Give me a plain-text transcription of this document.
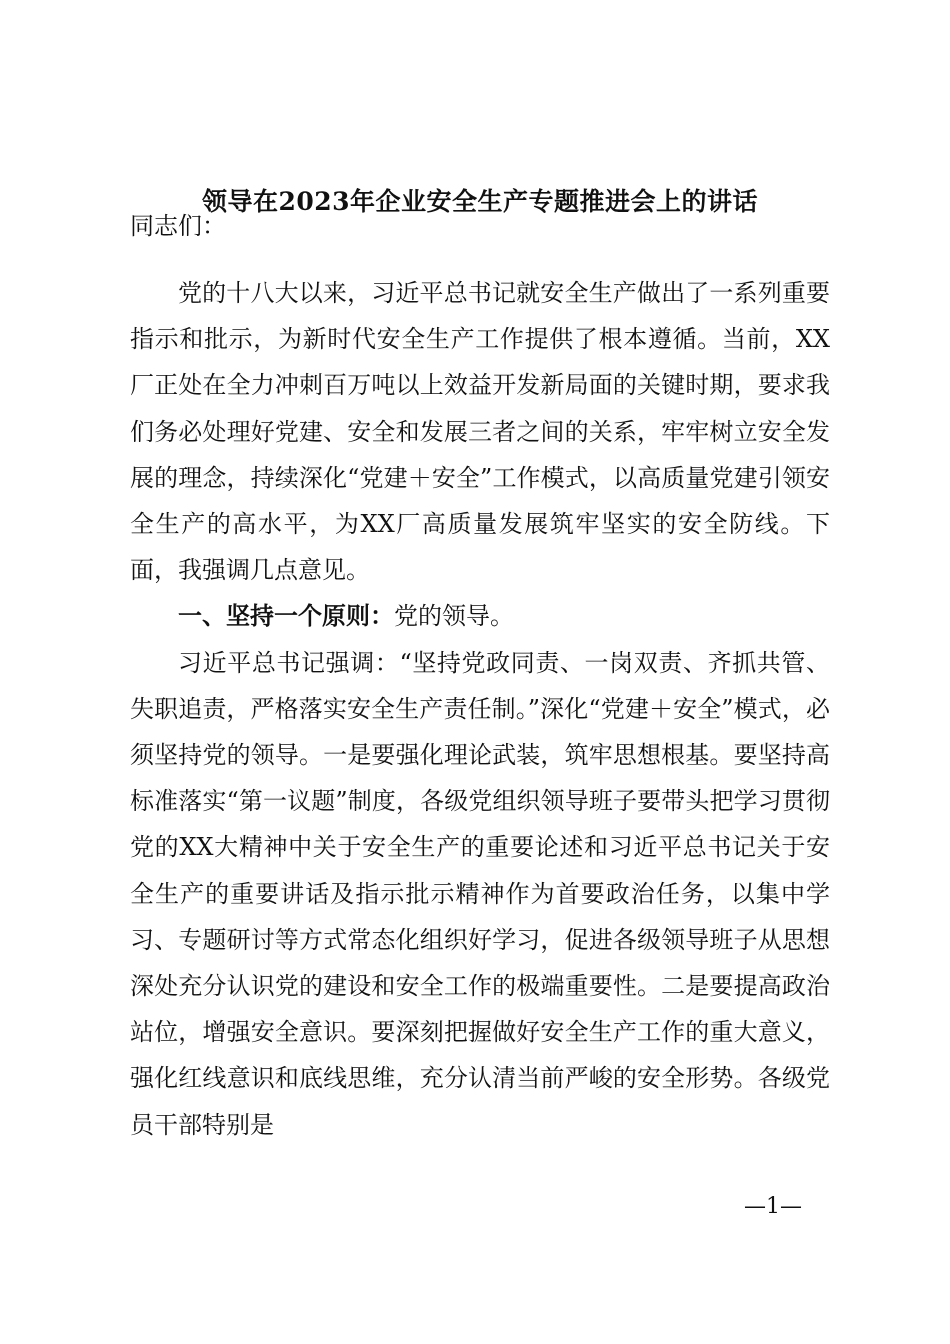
领导在2023年企业安全生产专题推进会上的讲话
同志们：

党的十八大以来，习近平总书记就安全生产做出了一系列重要指示和批示，为新时代安全生产工作提供了根本遵循。当前，XX厂正处在全力冲刺百万吨以上效益开发新局面的关键时期，要求我们务必处理好党建、安全和发展三者之间的关系，牢牢树立安全发展的理念，持续深化“党建＋安全”工作模式，以高质量党建引领安全生产的高水平，为XX厂高质量发展筑牢坚实的安全防线。下面，我强调几点意见。

一、坚持一个原则：党的领导。

习近平总书记强调：“坚持党政同责、一岗双责、齐抓共管、失职追责，严格落实安全生产责任制。”深化“党建＋安全”模式，必须坚持党的领导。一是要强化理论武装，筑牢思想根基。要坚持高标准落实“第一议题”制度，各级党组织领导班子要带头把学习贯彻党的XX大精神中关于安全生产的重要论述和习近平总书记关于安全生产的重要讲话及指示批示精神作为首要政治任务，以集中学习、专题研讨等方式常态化组织好学习，促进各级领导班子从思想深处充分认识党的建设和安全工作的极端重要性。二是要提高政治站位，增强安全意识。要深刻把握做好安全生产工作的重大意义，强化红线意识和底线思维，充分认清当前严峻的安全形势。各级党员干部特别是

—1—
